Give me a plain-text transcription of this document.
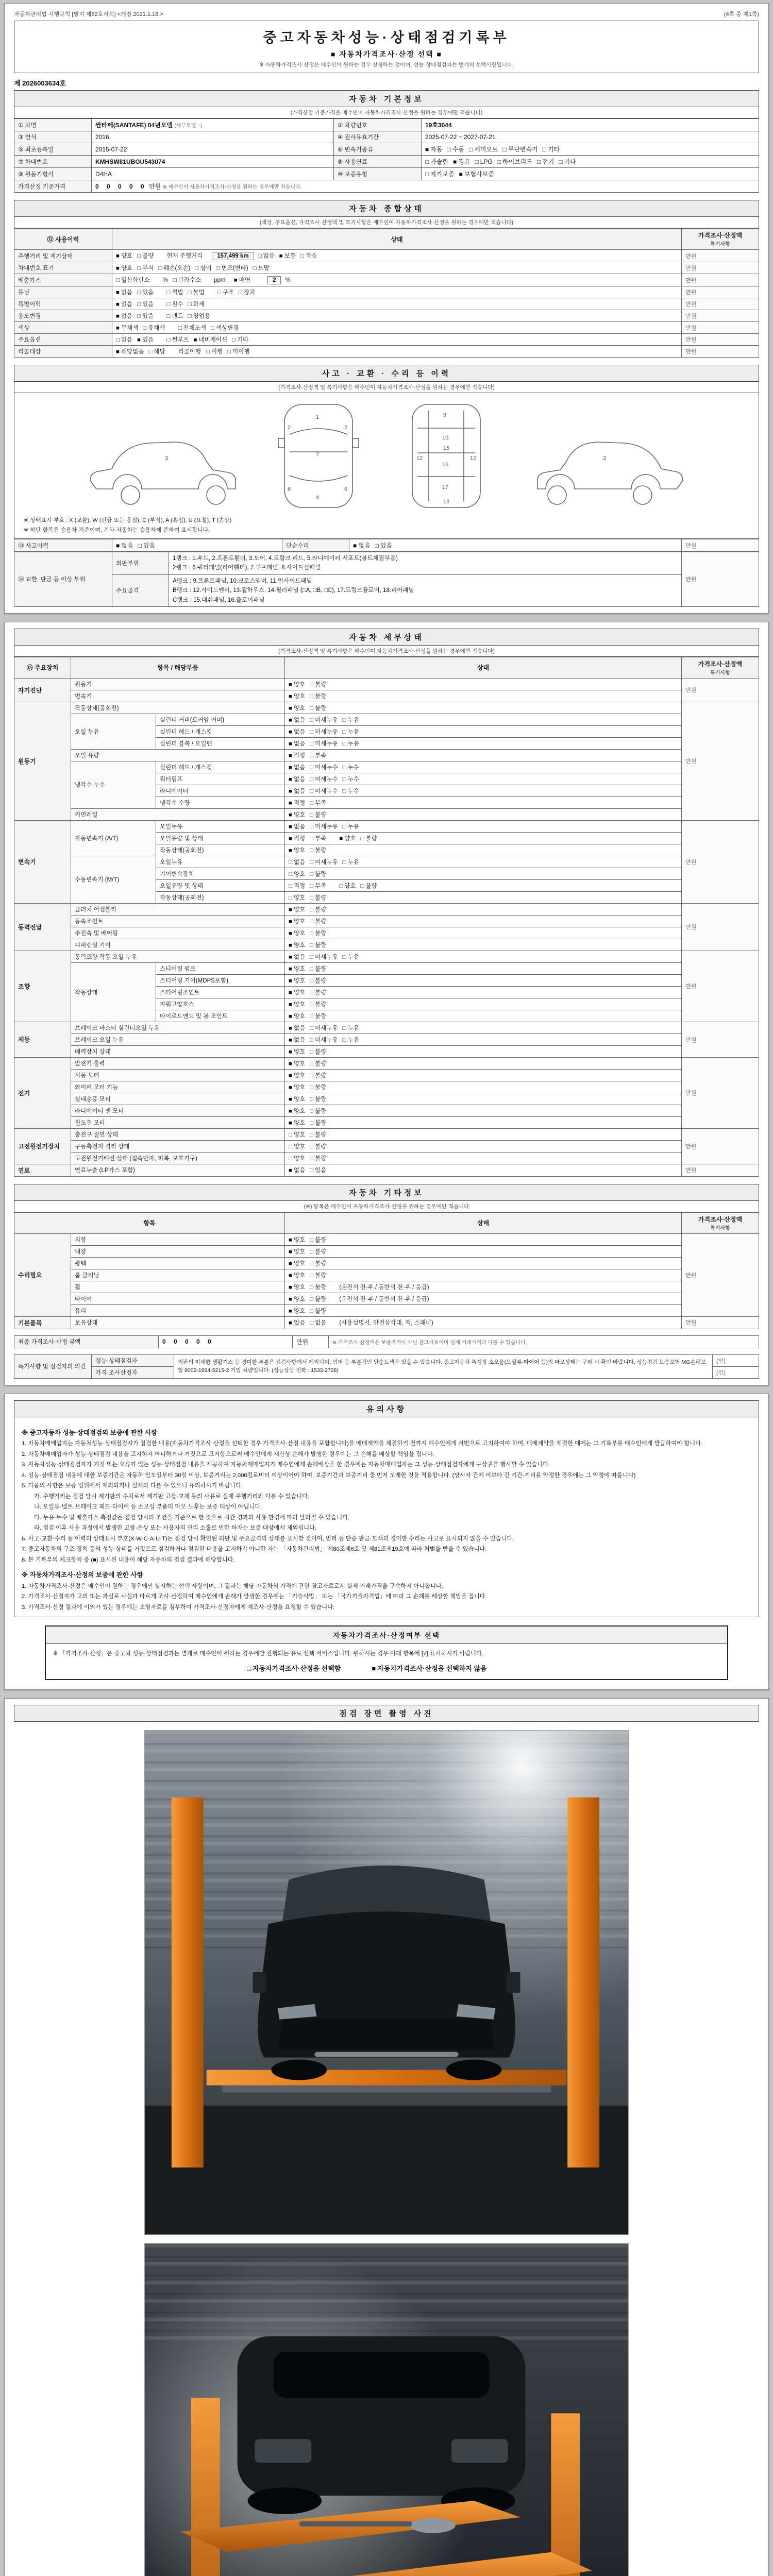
자동차관리법 시행규칙 [별지 제82호서식] <개정 2021.1.16.>	(4쪽 중 제1쪽)
중고자동차성능·상태점검기록부
■ 자동차가격조사·산정 선택 ■
※ 자동차가격조사·산정은 매수인이 원하는 경우 신청하는 것이며, 성능·상태점검과는 별개의 선택사항입니다.
제 2026003634호
자동차 기본정보
(가격산정 기준가격은 매수인이 자동차가격조사·산정을 원하는 경우에만 적습니다)
① 차명	싼타페(SANTAFE) 04년모델 (세부모델 : )	② 차량번호	19호3044
③ 연식	2016	④ 검사유효기간	2025-07-22 ~ 2027-07-21
⑤ 최초등록일	2015-07-22	⑥ 변속기종류	■ 자동 □ 수동 □ 세미오토 □ 무단변속기 □ 기타
⑦ 차대번호	KMHSW81UBGU543074	⑧ 사용연료	□ 가솔린 ■ 경유 □ LPG □ 하이브리드 □ 전기 □ 기타
⑨ 원동기형식	D4HA	⑩ 보증유형	□ 자가보증 ■ 보험사보증
가격산정 기준가격	0 0 0 0 0 만원 ※ 매수인이 자동차가격조사·산정을 원하는 경우에만 적습니다.		
자동차 종합상태
(색상, 주요옵션, 가격조사·산정액 및 특기사항은 매수인이 자동차가격조사·산정을 원하는 경우에만 적습니다)
⑪ 사용이력	상태	가격조사·산정액
특기사항

주행거리 및 계기상태	■ 양호 □ 불량 현재 주행거리 157,499 km □ 많음 ■ 보통 □ 적음	만원
차대번호 표기	■ 양호 □ 부식 □ 훼손(오손) □ 상이 □ 변조(변타) □ 도말	만원
배출가스	□ 일산화탄소 % □ 탄화수소 ppm , ■ 매연 2 %	만원
튜닝	■ 없음 □ 있음 □ 적법 □ 불법 □ 구조 □ 장치	만원
특별이력	■ 없음 □ 있음 □ 침수 □ 화재	만원
용도변경	■ 없음 □ 있음 □ 렌트 □ 영업용	만원
색상	■ 무채색 □ 유채색 □ 전체도색 □ 색상변경	만원
주요옵션	□ 없음 ■ 있음 □ 썬루프 ■ 네비게이션 □ 기타	만원
리콜대상	■ 해당없음 □ 해당 리콜이행 □ 이행 □ 미이행	만원
사고 · 교환 · 수리 등 이력
(가격조사·산정액 및 특기사항은 매수인이 자동차가격조사·산정을 원하는 경우에만 적습니다)
1
7
4
2	2
6	6
9
10
15
16
17
18
12	12
3	3
※ 상태표시 부호 : X (교환), W (판금 또는 용접), C (부식), A (흠집), U (요철), T (손상)
※ 하단 항목은 승용차 기준이며, 기타 자동차는 승용차에 준하여 표시합니다.
⑬ 사고이력	■ 없음 □ 있음	단순수리	■ 없음 □ 있음	만원
⑭ 교환, 판금 등 이상 부위	외판부위	1랭크 : 1.후드, 2.프론트휀더, 3.도어, 4.트렁크 리드, 5.라디에이터 서포트(볼트체결부품)
2랭크 : 6.쿼터패널(리어휀더), 7.루프패널, 8.사이드실패널	만원
	주요골격	A랭크 : 9.프론트패널, 10.크로스멤버, 11.인사이드패널
B랭크 : 12.사이드멤버, 13.휠하우스, 14.필러패널 (□A, □B, □C), 17.트렁크플로어, 18.리어패널
C랭크 : 15.대쉬패널, 16.플로어패널	
자동차 세부상태
(가격조사·산정액 및 특기사항은 매수인이 자동차가격조사·산정을 원하는 경우에만 적습니다)
⑮ 주요장치	항목 / 해당부품		상태	가격조사·산정액
특기사항

자기진단	원동기		■ 양호 □ 불량	만원
	변속기		■ 양호 □ 불량	
원동기	작동상태(공회전)		■ 양호 □ 불량	만원
	오일 누유	실린더 커버(로커암 커버)	■ 없음 □ 미세누유 □ 누유	
		실린더 헤드 / 개스킷	■ 없음 □ 미세누유 □ 누유	
		실린더 블록 / 오일팬	■ 없음 □ 미세누유 □ 누유	
	오일 유량		■ 적정 □ 부족	
	냉각수 누수	실린더 헤드 / 개스킷	■ 없음 □ 미세누수 □ 누수	
		워터펌프	■ 없음 □ 미세누수 □ 누수	
		라디에이터	■ 없음 □ 미세누수 □ 누수	
		냉각수 수량	■ 적정 □ 부족	
	커먼레일		■ 양호 □ 불량	
변속기	자동변속기 (A/T)	오일누유	■ 없음 □ 미세누유 □ 누유	만원
		오일유량 및 상태	■ 적정 □ 부족 ■ 양호 □ 불량	
		작동상태(공회전)	■ 양호 □ 불량	
	수동변속기 (M/T)	오일누유	□ 없음 □ 미세누유 □ 누유	
		기어변속장치	□ 양호 □ 불량	
		오일유량 및 상태	□ 적정 □ 부족 □ 양호 □ 불량	
		작동상태(공회전)	□ 양호 □ 불량	
동력전달	클러치 어셈블리		■ 양호 □ 불량	만원
	등속조인트		■ 양호 □ 불량	
	추진축 및 베어링		■ 양호 □ 불량	
	디퍼렌셜 기어		■ 양호 □ 불량	
조향	동력조향 작동 오일 누유		■ 없음 □ 미세누유 □ 누유	만원
	작동상태	스티어링 펌프	■ 양호 □ 불량	
		스티어링 기어(MDPS포함)	■ 양호 □ 불량	
		스티어링조인트	■ 양호 □ 불량	
		파워고압호스	■ 양호 □ 불량	
		타이로드엔드 및 볼 조인트	■ 양호 □ 불량	
제동	브레이크 마스터 실린더오일 누유		■ 없음 □ 미세누유 □ 누유	만원
	브레이크 오일 누유		■ 없음 □ 미세누유 □ 누유	
	배력장치 상태		■ 양호 □ 불량	
전기	발전기 출력		■ 양호 □ 불량	만원
	시동 모터		■ 양호 □ 불량	
	와이퍼 모터 기능		■ 양호 □ 불량	
	실내송풍 모터		■ 양호 □ 불량	
	라디에이터 팬 모터		■ 양호 □ 불량	
	윈도우 모터		■ 양호 □ 불량	
고전원전기장치	충전구 절연 상태		□ 양호 □ 불량	만원
	구동축전지 격리 상태		□ 양호 □ 불량	
	고전원전기배선 상태 (접속단자, 피복, 보호기구)		□ 양호 □ 불량	
연료	연료누출 (LP가스 포함)		■ 없음 □ 있음	만원
자동차 기타정보
(※) 항목은 매수인이 자동차가격조사·산정을 원하는 경우에만 적습니다
항목		상태	가격조사·산정액
특기사항

수리필요	외장	■ 양호 □ 불량	만원
	내장	■ 양호 □ 불량	
	광택	■ 양호 □ 불량	
	룸 클리닝	■ 양호 □ 불량	
	휠	■ 양호 □ 불량 (운전석 전·후 / 동반석 전·후 / 응급)	
	타이어	■ 양호 □ 불량 (운전석 전·후 / 동반석 전·후 / 응급)	
	유리	■ 양호 □ 불량	
기본품목	보유상태	■ 있음 □ 없음 (사용설명서, 안전삼각대, 잭, 스패너)	만원
최종 가격조사·산정 금액	0 0 0 0 0	만원	※ 가격조사·산정액은 보증가격이 아닌 참고자료이며 실제 거래가격과 다를 수 있습니다.
특기사항 및 점검자의 의견	성능·상태점검자	외판의 미세한 생활기스 등 경미한 부분은 점검사항에서 제외되며, 범퍼 등 부분적인 단순도색은 있을 수 있습니다. 중고자동차 특성상 소모품(오일류·타이어 등)의 마모상태는 구매 시 확인 바랍니다. 성능점검 보증보험 MG손해보험 9002-1994-5215-2 가입 차량입니다. (성능상담 전화 : 1533-2728)	(인)
	가격·조사산정자		(인)
유의사항

※ 중고자동차 성능·상태점검의 보증에 관한 사항

1. 자동차매매업자는 자동차성능·상태점검자가 점검한 내용(자동차가격조사·산정을 선택한 경우 가격조사·산정 내용을 포함합니다)을 매매계약을 체결하기 전까지 매수인에게 서면으로 고지하여야 하며, 매매계약을 체결한 때에는 그 기록부를 매수인에게 발급하여야 합니다.

2. 자동차매매업자가 성능·상태점검 내용을 고지하지 아니하거나 거짓으로 고지함으로써 매수인에게 재산상 손해가 발생한 경우에는 그 손해를 배상할 책임을 집니다.

3. 자동차성능·상태점검자가 거짓 또는 오류가 있는 성능·상태점검 내용을 제공하여 자동차매매업자가 매수인에게 손해배상을 한 경우에는 자동차매매업자는 그 성능·상태점검자에게 구상권을 행사할 수 있습니다.

4. 성능·상태점검 내용에 대한 보증기간은 자동차 인도일부터 30일 이상, 보증거리는 2,000킬로미터 이상이어야 하며, 보증기간과 보증거리 중 먼저 도래한 것을 적용합니다. (당사자 간에 이보다 긴 기간·거리를 약정한 경우에는 그 약정에 따릅니다)

5. 다음의 사항은 보증 범위에서 제외되거나 실제와 다를 수 있으니 유의하시기 바랍니다.

가. 주행거리는 점검 당시 계기판의 수치로서 계기판 고장·교체 등의 사유로 실제 주행거리와 다를 수 있습니다.

나. 오일류·벨트·브레이크 패드·타이어 등 소모성 부품의 마모·노후는 보증 대상이 아닙니다.

다. 누유·누수 및 배출가스 측정값은 점검 당시의 조건을 기준으로 한 것으로 시간 경과와 사용 환경에 따라 달라질 수 있습니다.

라. 점검 이후 사용 과정에서 발생한 고장·손상 또는 사용자의 관리 소홀로 인한 하자는 보증 대상에서 제외됩니다.

6. 사고·교환·수리 등 이력의 상태표시 부호(X·W·C·A·U·T)는 점검 당시 확인된 외판 및 주요골격의 상태를 표시한 것이며, 범퍼 등 단순 판금·도색의 경미한 수리는 사고로 표시되지 않을 수 있습니다.

7. 중고자동차의 구조·장치 등의 성능·상태를 거짓으로 점검하거나 점검한 내용을 고지하지 아니한 자는 「자동차관리법」 제80조제6호 및 제81조제19호에 따라 처벌을 받을 수 있습니다.

8. 본 기록부의 체크항목 중 (■) 표시된 내용이 해당 자동차의 점검 결과에 해당합니다.

※ 자동차가격조사·산정의 보증에 관한 사항

1. 자동차가격조사·산정은 매수인이 원하는 경우에만 실시하는 선택 사항이며, 그 결과는 해당 자동차의 가격에 관한 참고자료로서 실제 거래가격을 구속하지 아니합니다.

2. 가격조사·산정자가 고의 또는 과실로 사실과 다르게 조사·산정하여 매수인에게 손해가 발생한 경우에는 「기술사법」 또는 「국가기술자격법」에 따라 그 손해를 배상할 책임을 집니다.

3. 가격조사·산정 결과에 이의가 있는 경우에는 소명자료를 첨부하여 가격조사·산정자에게 재조사·산정을 요청할 수 있습니다.

자동차가격조사·산정여부 선택

※ 「가격조사·산정」은 중고차 성능·상태점검과는 별개로 매수인이 원하는 경우에만 진행되는 유료 선택 서비스입니다. 원하시는 경우 아래 항목에 [√] 표시하시기 바랍니다.

□ 자동차가격조사·산정을 선택함	■ 자동차가격조사·산정을 선택하지 않음
점검 장면 촬영 사진
